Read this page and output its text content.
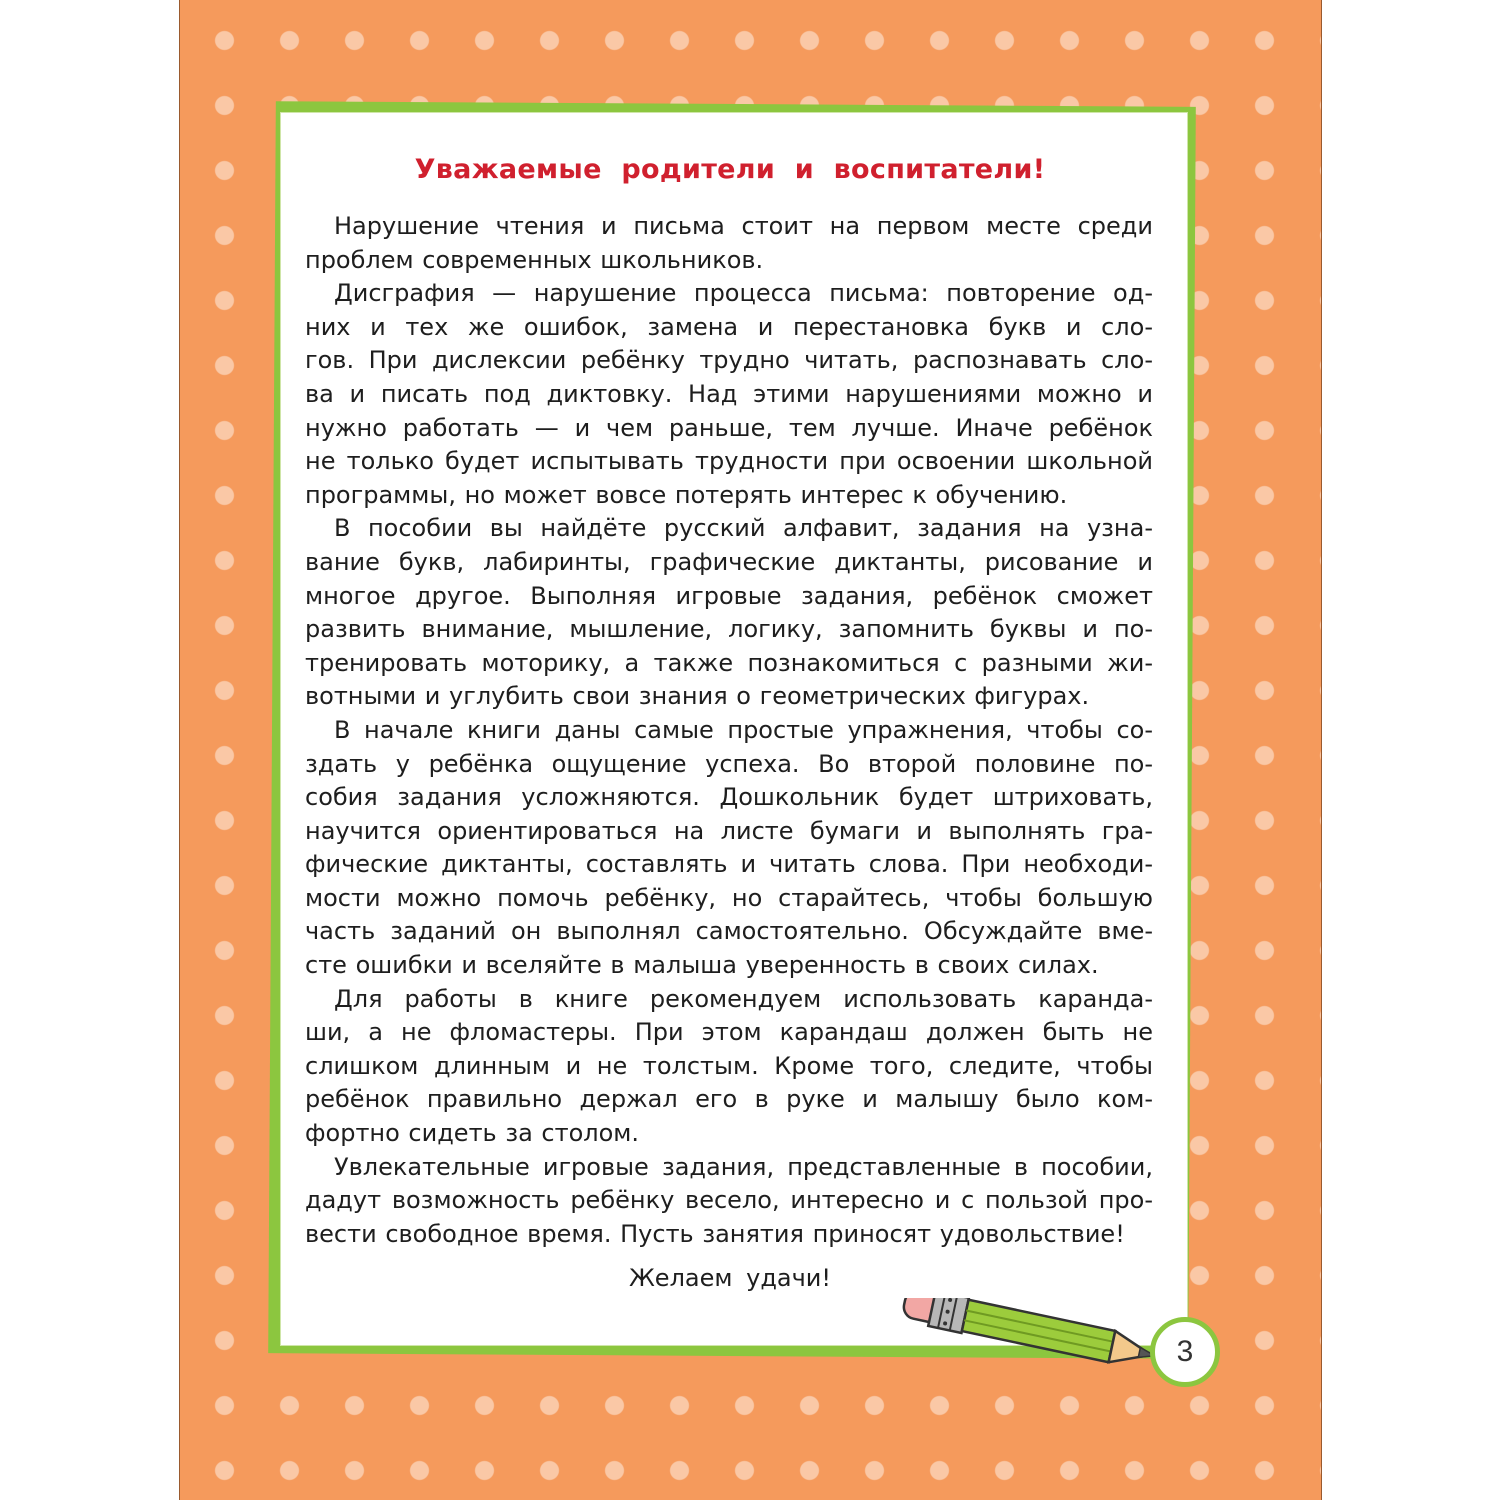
Уважаемые родители и воспитатели!
Нарушение чтения и письма стоит на первом месте среди
проблем современных школьников.
Дисграфия — нарушение процесса письма: повторение од-
них и тех же ошибок, замена и перестановка букв и сло-
гов. При дислексии ребёнку трудно читать, распознавать сло-
ва и писать под диктовку. Над этими нарушениями можно и
нужно работать — и чем раньше, тем лучше. Иначе ребёнок
не только будет испытывать трудности при освоении школьной
программы, но может вовсе потерять интерес к обучению.
В пособии вы найдёте русский алфавит, задания на узна-
вание букв, лабиринты, графические диктанты, рисование и
многое другое. Выполняя игровые задания, ребёнок сможет
развить внимание, мышление, логику, запомнить буквы и по-
тренировать моторику, а также познакомиться с разными жи-
вотными и углубить свои знания о геометрических фигурах.
В начале книги даны самые простые упражнения, чтобы со-
здать у ребёнка ощущение успеха. Во второй половине по-
собия задания усложняются. Дошкольник будет штриховать,
научится ориентироваться на листе бумаги и выполнять гра-
фические диктанты, составлять и читать слова. При необходи-
мости можно помочь ребёнку, но старайтесь, чтобы большую
часть заданий он выполнял самостоятельно. Обсуждайте вме-
сте ошибки и вселяйте в малыша уверенность в своих силах.
Для работы в книге рекомендуем использовать каранда-
ши, а не фломастеры. При этом карандаш должен быть не
слишком длинным и не толстым. Кроме того, следите, чтобы
ребёнок правильно держал его в руке и малышу было ком-
фортно сидеть за столом.
Увлекательные игровые задания, представленные в пособии,
дадут возможность ребёнку весело, интересно и с пользой про-
вести свободное время. Пусть занятия приносят удовольствие!
Желаем удачи!
3
